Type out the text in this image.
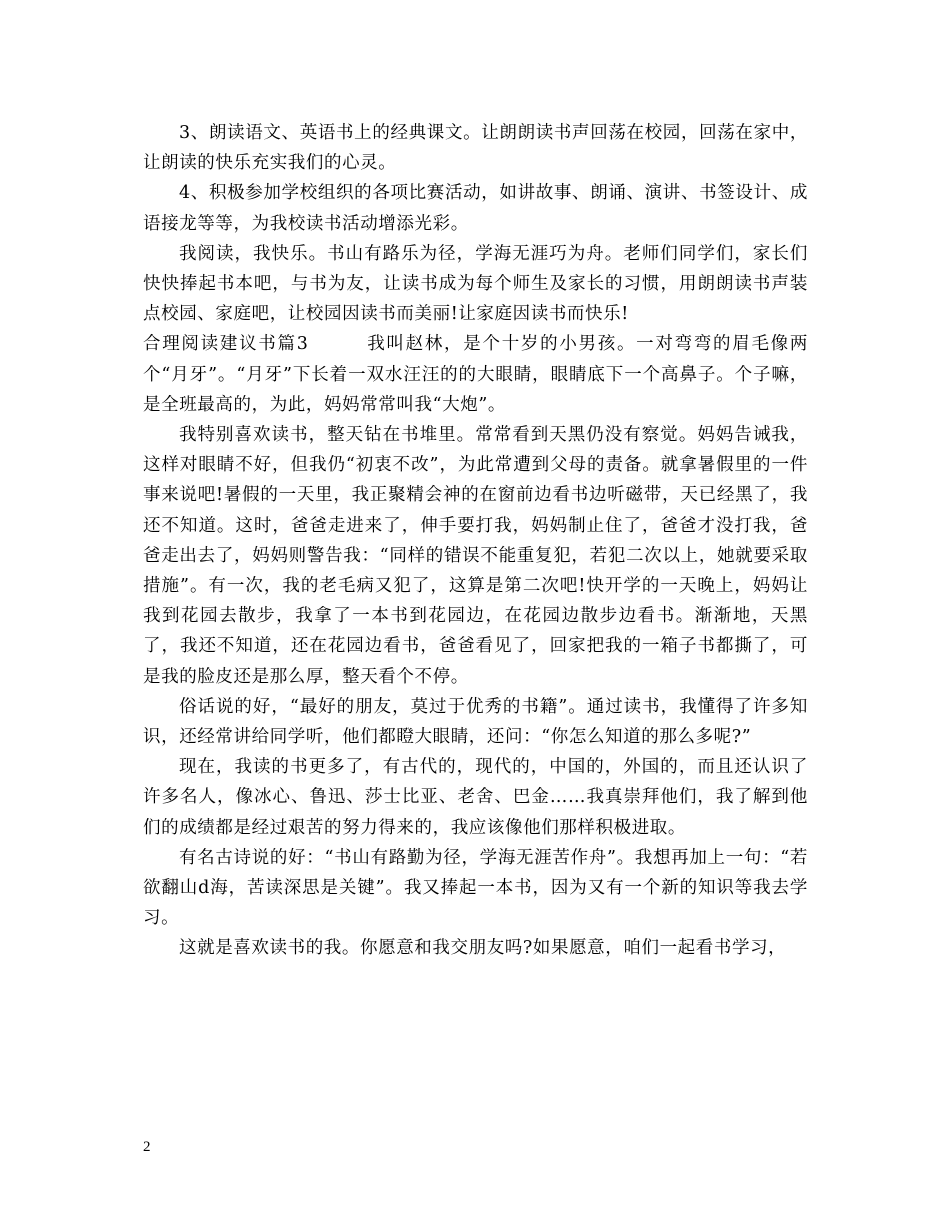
3、朗读语文、英语书上的经典课文。让朗朗读书声回荡在校园，回荡在家中，让朗读的快乐充实我们的心灵。

4、积极参加学校组织的各项比赛活动，如讲故事、朗诵、演讲、书签设计、成语接龙等等，为我校读书活动增添光彩。

我阅读，我快乐。书山有路乐为径，学海无涯巧为舟。老师们同学们，家长们快快捧起书本吧，与书为友，让读书成为每个师生及家长的习惯，用朗朗读书声装点校园、家庭吧，让校园因读书而美丽!让家庭因读书而快乐!

合理阅读建议书篇3　　　我叫赵林，是个十岁的小男孩。一对弯弯的眉毛像两个“月牙”。“月牙”下长着一双水汪汪的的大眼睛，眼睛底下一个高鼻子。个子嘛，是全班最高的，为此，妈妈常常叫我“大炮”。

我特别喜欢读书，整天钻在书堆里。常常看到天黑仍没有察觉。妈妈告诫我，这样对眼睛不好，但我仍“初衷不改”，为此常遭到父母的责备。就拿暑假里的一件事来说吧!暑假的一天里，我正聚精会神的在窗前边看书边听磁带，天已经黑了，我还不知道。这时，爸爸走进来了，伸手要打我，妈妈制止住了，爸爸才没打我，爸爸走出去了，妈妈则警告我：“同样的错误不能重复犯，若犯二次以上，她就要采取措施”。有一次，我的老毛病又犯了，这算是第二次吧!快开学的一天晚上，妈妈让我到花园去散步，我拿了一本书到花园边，在花园边散步边看书。渐渐地，天黑了，我还不知道，还在花园边看书，爸爸看见了，回家把我的一箱子书都撕了，可是我的脸皮还是那么厚，整天看个不停。

俗话说的好，“最好的朋友，莫过于优秀的书籍”。通过读书，我懂得了许多知识，还经常讲给同学听，他们都瞪大眼睛，还问：“你怎么知道的那么多呢?”

现在，我读的书更多了，有古代的，现代的，中国的，外国的，而且还认识了许多名人，像冰心、鲁迅、莎士比亚、老舍、巴金……我真崇拜他们，我了解到他们的成绩都是经过艰苦的努力得来的，我应该像他们那样积极进取。

有名古诗说的好：“书山有路勤为径，学海无涯苦作舟”。我想再加上一句：“若欲翻山d海，苦读深思是关键”。我又捧起一本书，因为又有一个新的知识等我去学习。

这就是喜欢读书的我。你愿意和我交朋友吗?如果愿意，咱们一起看书学习，

2
